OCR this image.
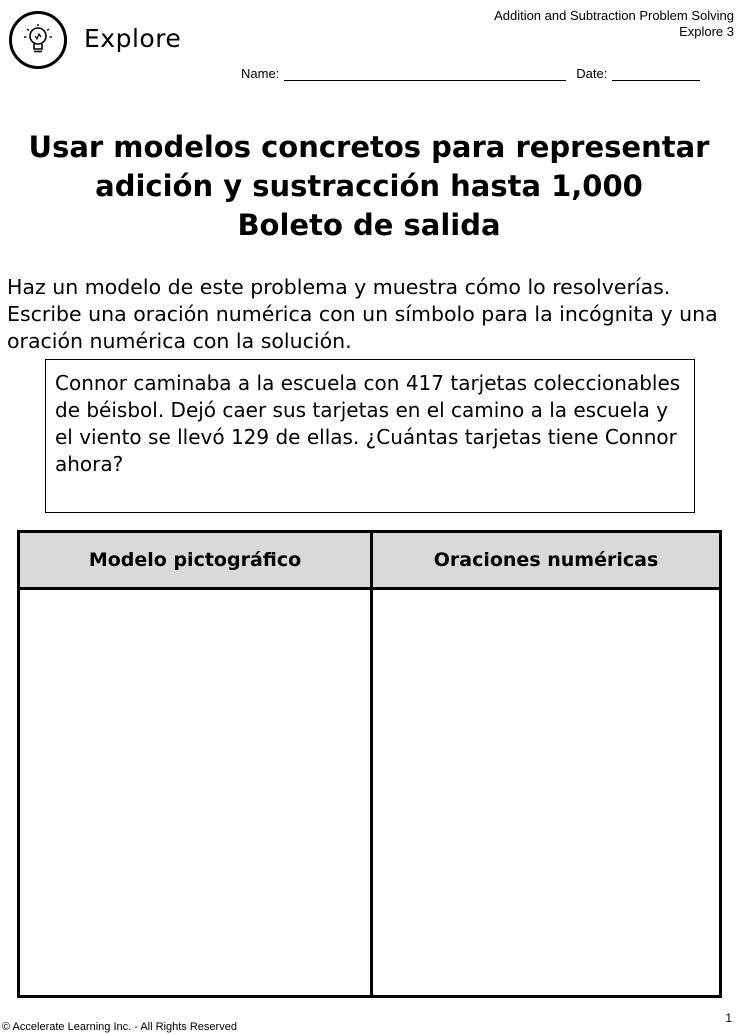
Explore
Addition and Subtraction Problem Solving
Explore 3
Name:	Date:
Usar modelos concretos para representar
adición y sustracción hasta 1,000
Boleto de salida
Haz un modelo de este problema y muestra cómo lo resolverías. Escribe una oración numérica con un símbolo para la incógnita y una oración numérica con la solución.
Connor caminaba a la escuela con 417 tarjetas coleccionables de béisbol. Dejó caer sus tarjetas en el camino a la escuela y el viento se llevó 129 de ellas. ¿Cuántas tarjetas tiene Connor ahora?
Modelo pictográfico	Oraciones numéricas
© Accelerate Learning Inc. - All Rights Reserved
1
